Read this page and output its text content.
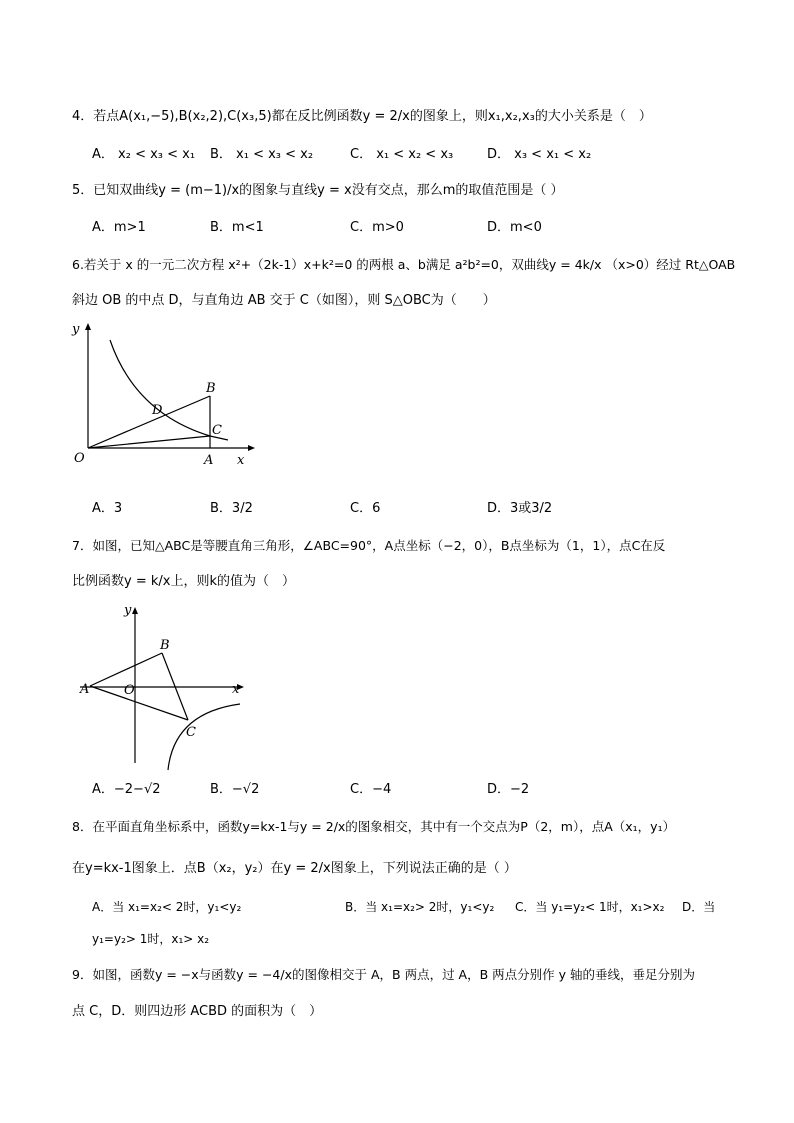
4．若点A(x₁,−5),B(x₂,2),C(x₃,5)都在反比例函数y = 2/x的图象上，则x₁,x₂,x₃的大小关系是（　）
A． x₂ < x₃ < x₁ B． x₁ < x₃ < x₂	C． x₁ < x₂ < x₃	D． x₃ < x₁ < x₂
5．已知双曲线y = (m−1)/x的图象与直线y = x没有交点，那么m的取值范围是（ ）
A．m>1	B．m<1	C．m>0	D．m<0
6.若关于 x 的一元二次方程 x²+（2k-1）x+k²=0 的两根 a、b满足 a²b²=0，双曲线y = 4k/x （x>0）经过 Rt△OAB
斜边 OB 的中点 D，与直角边 AB 交于 C（如图），则 S△OBC为（　　）
y
x
O	A
B
C
D
A．3	B．3/2	C．6	D．3或3/2
7．如图，已知△ABC是等腰直角三角形，∠ABC=90°，A点坐标（−2，0），B点坐标为（1，1），点C在反
比例函数y = k/x上，则k的值为（　）
y
x
O
A
B
C
A．−2−√2	B．−√2	C．−4	D．−2
8．在平面直角坐标系中，函数y=kx-1与y = 2/x的图象相交，其中有一个交点为P（2，m），点A（x₁，y₁）
在y=kx-1图象上．点B（x₂，y₂）在y = 2/x图象上，下列说法正确的是（ ）
A．当 x₁=x₂< 2时，y₁<y₂	B．当 x₁=x₂> 2时，y₁<y₂ C．当 y₁=y₂< 1时，x₁>x₂ D．当
y₁=y₂> 1时，x₁> x₂
9．如图，函数y = −x与函数y = −4/x的图像相交于 A，B 两点，过 A，B 两点分别作 y 轴的垂线，垂足分别为
点 C，D．则四边形 ACBD 的面积为（　）
